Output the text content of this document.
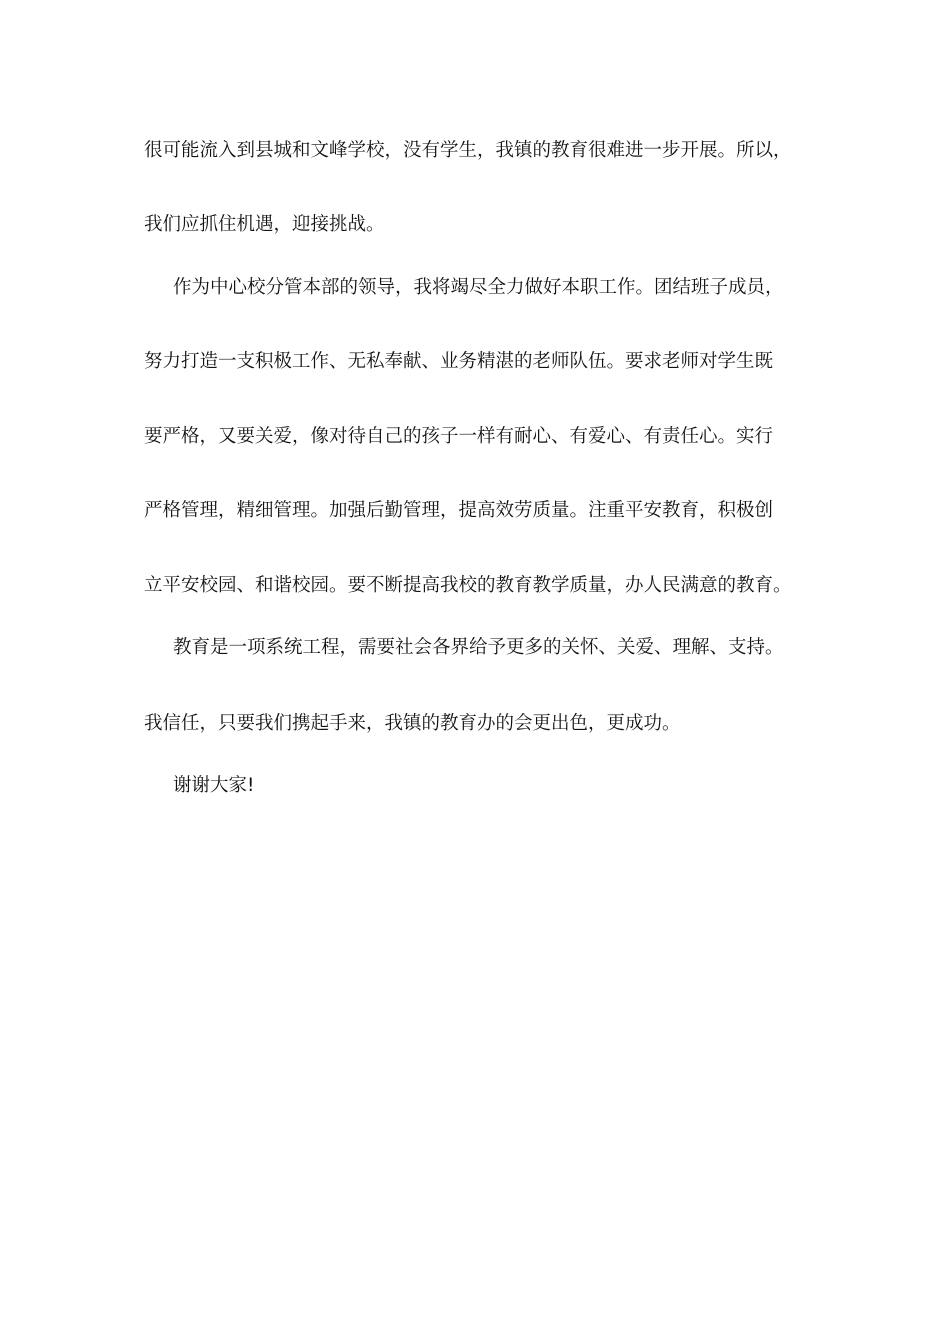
很可能流入到县城和文峰学校，没有学生，我镇的教育很难进一步开展。所以，
我们应抓住机遇，迎接挑战。
作为中心校分管本部的领导，我将竭尽全力做好本职工作。团结班子成员，
努力打造一支积极工作、无私奉献、业务精湛的老师队伍。要求老师对学生既
要严格，又要关爱，像对待自己的孩子一样有耐心、有爱心、有责任心。实行
严格管理，精细管理。加强后勤管理，提高效劳质量。注重平安教育，积极创
立平安校园、和谐校园。要不断提高我校的教育教学质量，办人民满意的教育。
教育是一项系统工程，需要社会各界给予更多的关怀、关爱、理解、支持。
我信任，只要我们携起手来，我镇的教育办的会更出色，更成功。
谢谢大家!
